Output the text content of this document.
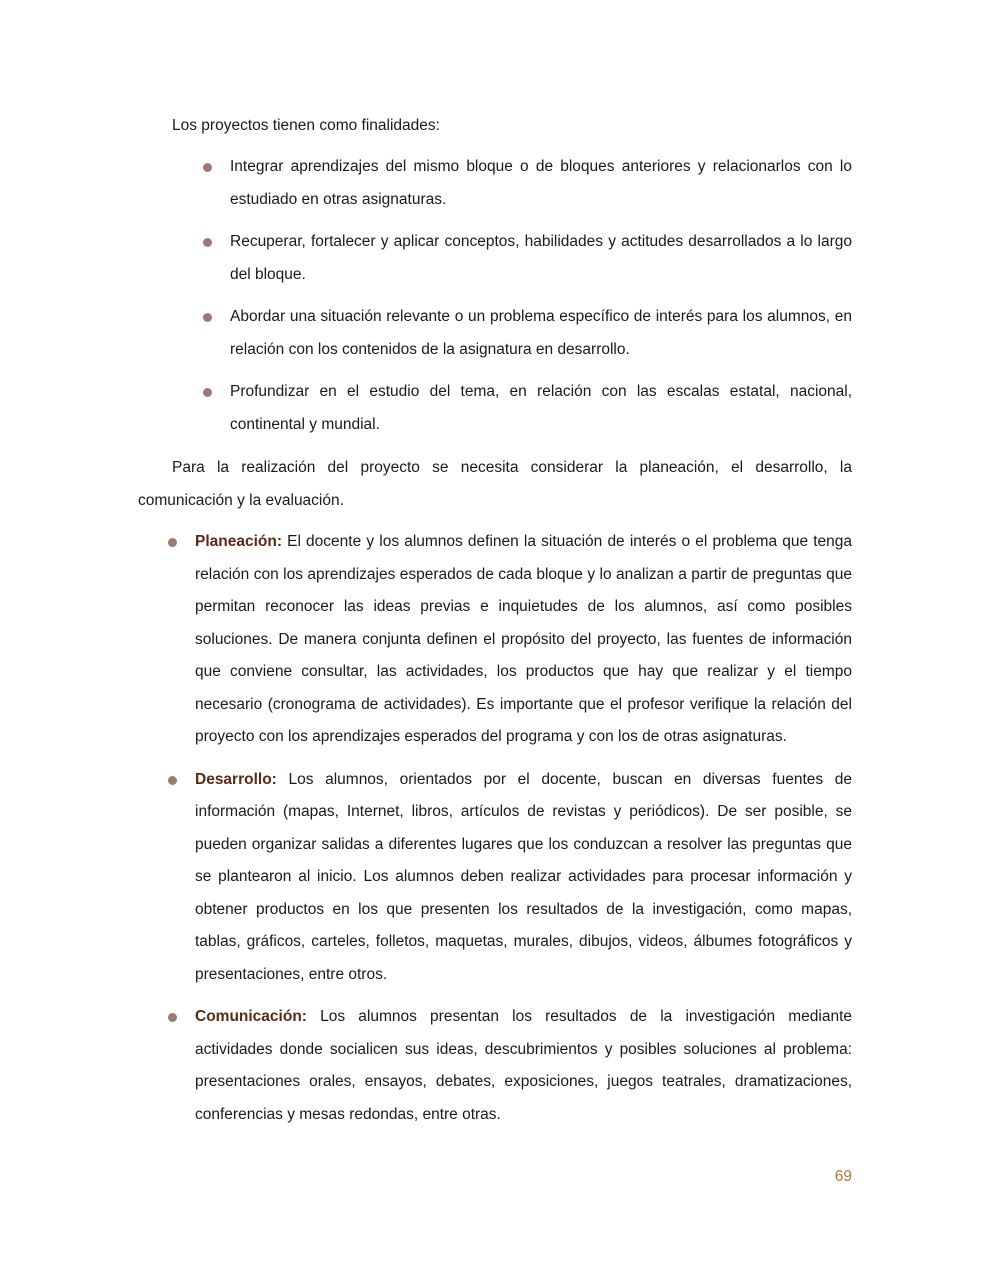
Los proyectos tienen como finalidades:

Integrar aprendizajes del mismo bloque o de bloques anteriores y relacionarlos con lo estudiado en otras asignaturas.
Recuperar, fortalecer y aplicar conceptos, habilidades y actitudes desarrollados a lo largo del bloque.
Abordar una situación relevante o un problema específico de interés para los alumnos, en relación con los contenidos de la asignatura en desarrollo.
Profundizar en el estudio del tema, en relación con las escalas estatal, nacional, continental y mundial.

Para la realización del proyecto se necesita considerar la planeación, el desarrollo, la comunicación y la evaluación.

Planeación: El docente y los alumnos definen la situación de interés o el problema que tenga relación con los aprendizajes esperados de cada bloque y lo analizan a partir de preguntas que permitan reconocer las ideas previas e inquietudes de los alumnos, así como posibles soluciones. De manera conjunta definen el propósito del proyecto, las fuentes de información que conviene consultar, las actividades, los productos que hay que realizar y el tiempo necesario (cronograma de actividades). Es importante que el profesor verifique la relación del proyecto con los aprendizajes esperados del programa y con los de otras asignaturas.
Desarrollo: Los alumnos, orientados por el docente, buscan en diversas fuentes de información (mapas, Internet, libros, artículos de revistas y periódicos). De ser posible, se pueden organizar salidas a diferentes lugares que los conduzcan a resolver las preguntas que se plantearon al inicio. Los alumnos deben realizar actividades para procesar información y obtener productos en los que presenten los resultados de la investigación, como mapas, tablas, gráficos, carteles, folletos, maquetas, murales, dibujos, videos, álbumes fotográficos y presentaciones, entre otros.
Comunicación: Los alumnos presentan los resultados de la investigación mediante actividades donde socialicen sus ideas, descubrimientos y posibles soluciones al problema: presentaciones orales, ensayos, debates, exposiciones, juegos teatrales, dramatizaciones, conferencias y mesas redondas, entre otras.
69
